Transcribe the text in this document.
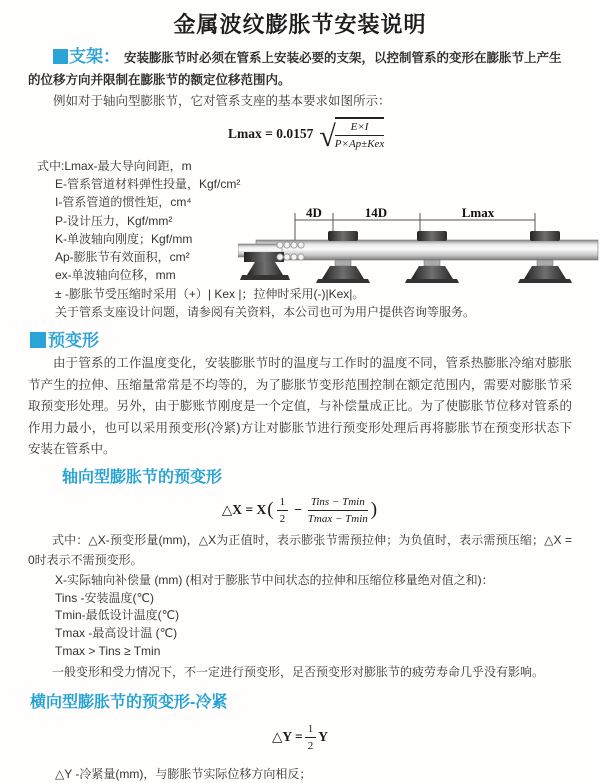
金属波纹膨胀节安装说明

支架： 安装膨胀节时必须在管系上安装必要的支架，以控制管系的变形在膨胀节上产生的位移方向并限制在膨胀节的额定位移范围内。

例如对于轴向型膨胀节，它对管系支座的基本要求如图所示：

Lmax = 0.0157 √ $\frac{E\times I}{\text{P×Ap±Kex}}$
式中:Lmax-最大导向间距，m
E-管系管道材料弹性投量，Kgf/cm²
I-管系管道的惯性矩，cm⁴
P-设计压力，Kgf/mm²
K-单波轴向刚度；Kgf/mm
Ap-膨胀节有效面积，cm²
ex-单波轴向位移，mm
± -膨胀节受压缩时采用（+）| Kex |；拉伸时采用(-)|Kex|。
关于管系支座设计问题，请参阅有关资料，本公司也可为用户提供咨询等服务。
4D	14D	Lmax

预变形

由于管系的工作温度变化，安装膨胀节时的温度与工作时的温度不同，管系热膨胀冷缩对膨胀节产生的拉伸、压缩量常常是不均等的，为了膨胀节变形范围控制在额定范围内，需要对膨胀节采取预变形处理。另外，由于膨账节刚度是一个定值，与补偿量成正比。为了使膨胀节位移对管系的作用力最小，也可以采用预变形(冷紧)方让对膨胀节进行预变形处理后再将膨胀节在预变形状态下安装在管系中。

轴向型膨胀节的预变形

△X = X ( $\frac{1}{2} - \frac{\text{Tins − Tmin}}{Tmax - Tmin}$ )

式中：△X-预变形量(mm)，△X为正值时，表示膨张节需预拉伸；为负值时，表示需预压缩；△X = 0时表示不需预变形。

X-实际轴向补偿量 (mm) (相对于膨胀节中间状态的拉伸和压缩位移量绝对值之和)：
Tins -安装温度(℃)
Tmin-最低设计温度(℃)
Tmax -最高设计温 (℃)
Tmax > Tins ≥ Tmin

一般变形和受力情况下，不一定进行预变形，足否预变形对膨胀节的疲劳寿命几乎没有影响。

横向型膨胀节的预变形-冷紧

△Y = $\frac{1}{2}$ Y

△Y -冷紧量(mm)，与膨胀节实际位移方向相反；
